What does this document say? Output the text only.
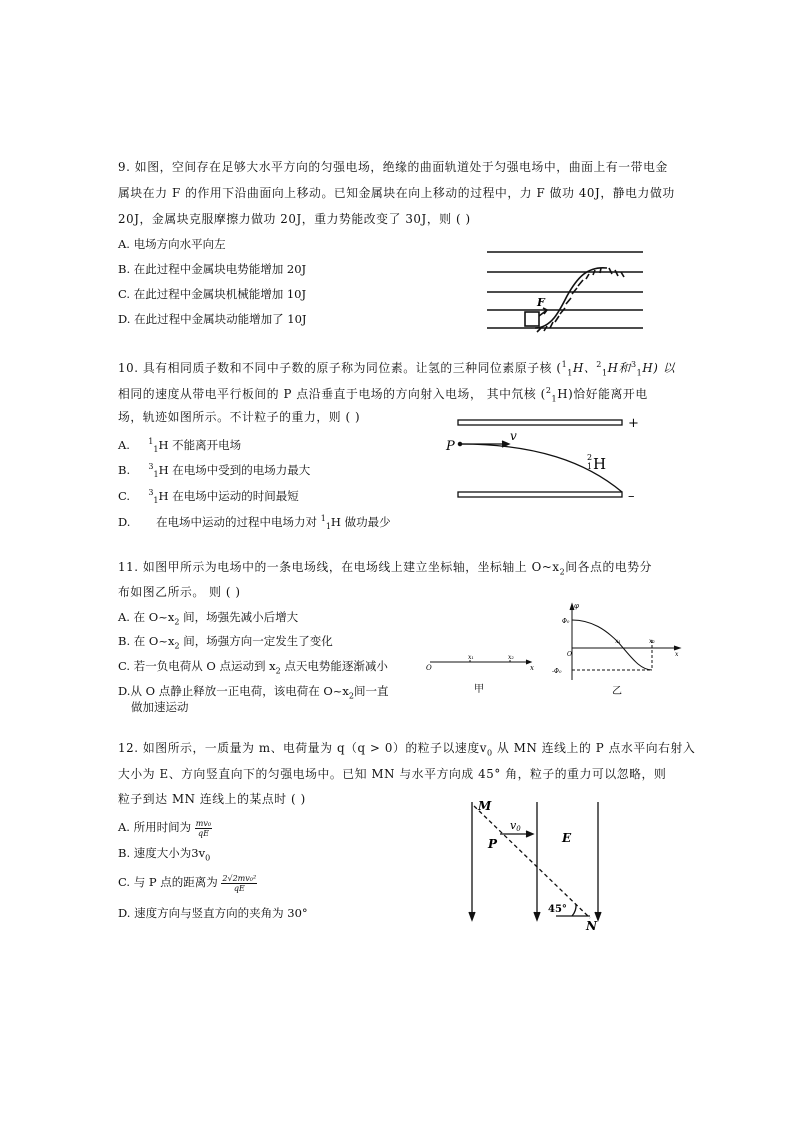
9. 如图，空间存在足够大水平方向的匀强电场，绝缘的曲面轨道处于匀强电场中，曲面上有一带电金
属块在力 F 的作用下沿曲面向上移动。已知金属块在向上移动的过程中，力 F 做功 40J，静电力做功
20J，金属块克服摩擦力做功 20J，重力势能改变了 30J，则 ( )
A. 电场方向水平向左
B. 在此过程中金属块电势能增加 20J
C. 在此过程中金属块机械能增加 10J
D. 在此过程中金属块动能增加了 10J
F
10. 具有相同质子数和不同中子数的原子称为同位素。让氢的三种同位素原子核 ($^1_1$H、$^2_1$H和$^3_1$H) 以
相同的速度从带电平行板间的 P 点沿垂直于电场的方向射入电场， 其中氘核 ($^2_1$H)恰好能离开电
场，轨迹如图所示。不计粒子的重力，则 ( )
A. $^1_1$H 不能离开电场
B. $^3_1$H 在电场中受到的电场力最大
C. $^3_1$H 在电场中运动的时间最短
D. 在电场中运动的过程中电场力对 $^1_1$H 做功最少
P
v
+
–
2
1 H
11. 如图甲所示为电场中的一条电场线，在电场线上建立坐标轴，坐标轴上 $O\sim x_2$间各点的电势分
布如图乙所示。 则 ( )
A. 在 $O\sim x_2$ 间，场强先减小后增大
B. 在 $O\sim x_2$ 间，场强方向一定发生了变化
C. 若一负电荷从 O 点运动到 $x_2$ 点天电势能逐渐减小
D.从 O 点静止释放一正电荷，该电荷在 $O\sim x_2$间一直
做加速运动
O
x₁	x₂
x
甲
φ
Φ0
O
x₁	x₂
x
-Φ0
乙
12. 如图所示，一质量为 m、电荷量为 q（q > 0）的粒子以速度$v_0$ 从 MN 连线上的 P 点水平向右射入
大小为 E、方向竖直向下的匀强电场中。已知 MN 与水平方向成 45° 角，粒子的重力可以忽略，则
粒子到达 MN 连线上的某点时 ( )
A. 所用时间为 $\frac{\text{mv₀}}{qE}$
B. 速度大小为$3v_0$
C. 与 P 点的距离为 $\frac{\text{2√2mv₀²}}{qE}$
D. 速度方向与竖直方向的夹角为 30°
M
N
P	E
v0
45°
